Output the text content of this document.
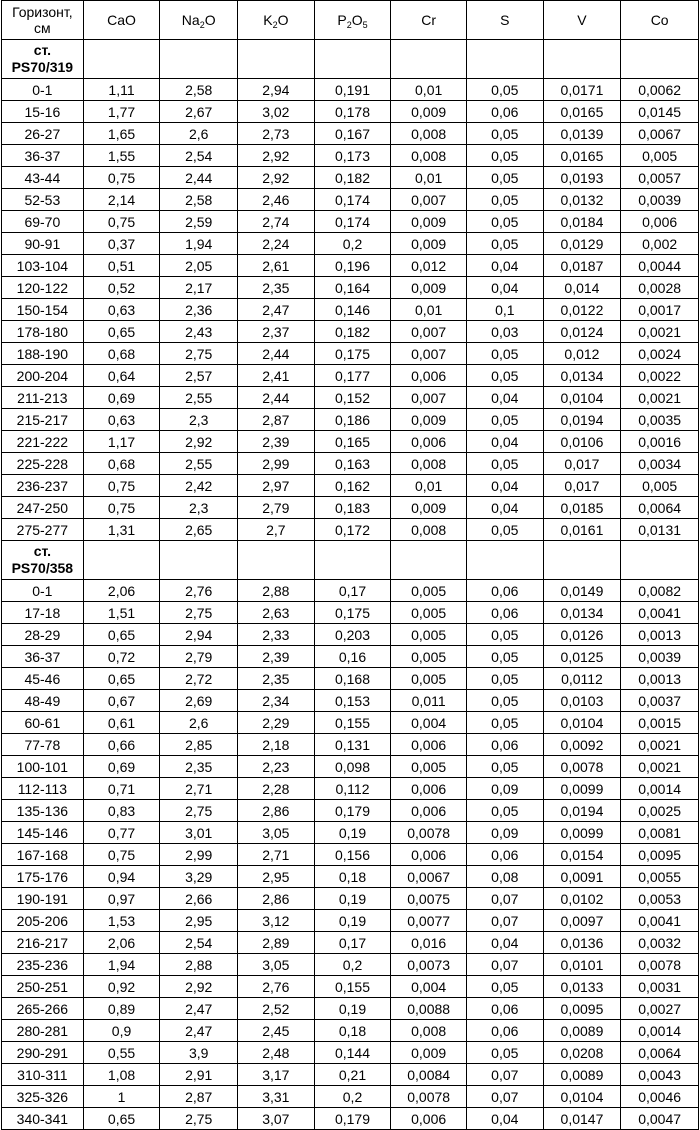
Горизонт, см	CaO	$Na_2O$	$K_2O$	$P_2O_5$	Cr	S	V	Co

ст.
PS70/319								

0-1	1,11	2,58	2,94	0,191	0,01	0,05	0,0171	0,0062
15-16	1,77	2,67	3,02	0,178	0,009	0,06	0,0165	0,0145
26-27	1,65	2,6	2,73	0,167	0,008	0,05	0,0139	0,0067
36-37	1,55	2,54	2,92	0,173	0,008	0,05	0,0165	0,005
43-44	0,75	2,44	2,92	0,182	0,01	0,05	0,0193	0,0057
52-53	2,14	2,58	2,46	0,174	0,007	0,05	0,0132	0,0039
69-70	0,75	2,59	2,74	0,174	0,009	0,05	0,0184	0,006
90-91	0,37	1,94	2,24	0,2	0,009	0,05	0,0129	0,002
103-104	0,51	2,05	2,61	0,196	0,012	0,04	0,0187	0,0044
120-122	0,52	2,17	2,35	0,164	0,009	0,04	0,014	0,0028
150-154	0,63	2,36	2,47	0,146	0,01	0,1	0,0122	0,0017
178-180	0,65	2,43	2,37	0,182	0,007	0,03	0,0124	0,0021
188-190	0,68	2,75	2,44	0,175	0,007	0,05	0,012	0,0024
200-204	0,64	2,57	2,41	0,177	0,006	0,05	0,0134	0,0022
211-213	0,69	2,55	2,44	0,152	0,007	0,04	0,0104	0,0021
215-217	0,63	2,3	2,87	0,186	0,009	0,05	0,0194	0,0035
221-222	1,17	2,92	2,39	0,165	0,006	0,04	0,0106	0,0016
225-228	0,68	2,55	2,99	0,163	0,008	0,05	0,017	0,0034
236-237	0,75	2,42	2,97	0,162	0,01	0,04	0,017	0,005
247-250	0,75	2,3	2,79	0,183	0,009	0,04	0,0185	0,0064
275-277	1,31	2,65	2,7	0,172	0,008	0,05	0,0161	0,0131

ст.
PS70/358								

0-1	2,06	2,76	2,88	0,17	0,005	0,06	0,0149	0,0082
17-18	1,51	2,75	2,63	0,175	0,005	0,06	0,0134	0,0041
28-29	0,65	2,94	2,33	0,203	0,005	0,05	0,0126	0,0013
36-37	0,72	2,79	2,39	0,16	0,005	0,05	0,0125	0,0039
45-46	0,65	2,72	2,35	0,168	0,005	0,05	0,0112	0,0013
48-49	0,67	2,69	2,34	0,153	0,011	0,05	0,0103	0,0037
60-61	0,61	2,6	2,29	0,155	0,004	0,05	0,0104	0,0015
77-78	0,66	2,85	2,18	0,131	0,006	0,06	0,0092	0,0021
100-101	0,69	2,35	2,23	0,098	0,005	0,05	0,0078	0,0021
112-113	0,71	2,71	2,28	0,112	0,006	0,09	0,0099	0,0014
135-136	0,83	2,75	2,86	0,179	0,006	0,05	0,0194	0,0025
145-146	0,77	3,01	3,05	0,19	0,0078	0,09	0,0099	0,0081
167-168	0,75	2,99	2,71	0,156	0,006	0,06	0,0154	0,0095
175-176	0,94	3,29	2,95	0,18	0,0067	0,08	0,0091	0,0055
190-191	0,97	2,66	2,86	0,19	0,0075	0,07	0,0102	0,0053
205-206	1,53	2,95	3,12	0,19	0,0077	0,07	0,0097	0,0041
216-217	2,06	2,54	2,89	0,17	0,016	0,04	0,0136	0,0032
235-236	1,94	2,88	3,05	0,2	0,0073	0,07	0,0101	0,0078
250-251	0,92	2,92	2,76	0,155	0,004	0,05	0,0133	0,0031
265-266	0,89	2,47	2,52	0,19	0,0088	0,06	0,0095	0,0027
280-281	0,9	2,47	2,45	0,18	0,008	0,06	0,0089	0,0014
290-291	0,55	3,9	2,48	0,144	0,009	0,05	0,0208	0,0064
310-311	1,08	2,91	3,17	0,21	0,0084	0,07	0,0089	0,0043
325-326	1	2,87	3,31	0,2	0,0078	0,07	0,0104	0,0046
340-341	0,65	2,75	3,07	0,179	0,006	0,04	0,0147	0,0047
